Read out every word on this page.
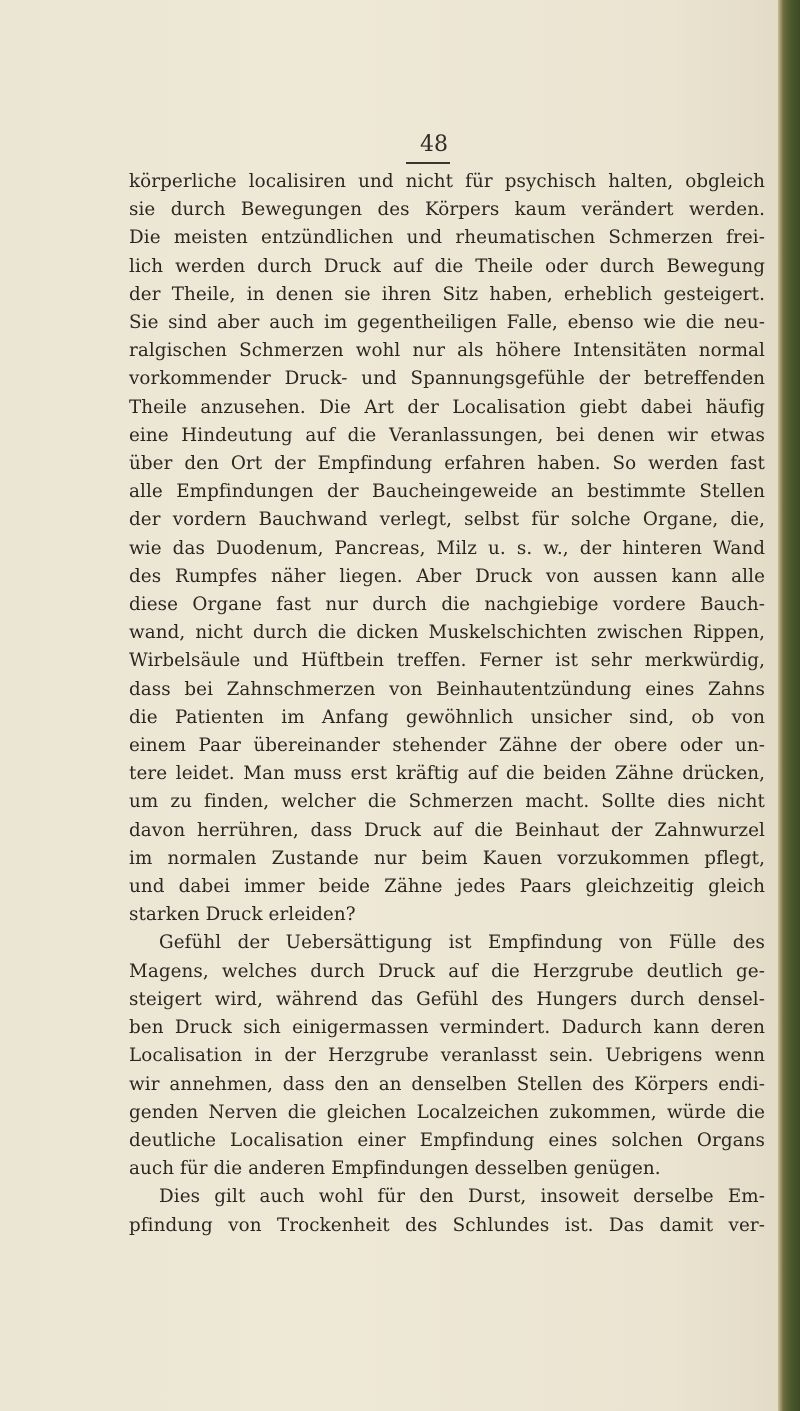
48
körperliche localisiren und nicht für psychisch halten, obgleich
sie durch Bewegungen des Körpers kaum verändert werden.
Die meisten entzündlichen und rheumatischen Schmerzen frei-
lich werden durch Druck auf die Theile oder durch Bewegung
der Theile, in denen sie ihren Sitz haben, erheblich gesteigert.
Sie sind aber auch im gegentheiligen Falle, ebenso wie die neu-
ralgischen Schmerzen wohl nur als höhere Intensitäten normal
vorkommender Druck- und Spannungsgefühle der betreffenden
Theile anzusehen. Die Art der Localisation giebt dabei häufig
eine Hindeutung auf die Veranlassungen, bei denen wir etwas
über den Ort der Empfindung erfahren haben. So werden fast
alle Empfindungen der Baucheingeweide an bestimmte Stellen
der vordern Bauchwand verlegt, selbst für solche Organe, die,
wie das Duodenum, Pancreas, Milz u. s. w., der hinteren Wand
des Rumpfes näher liegen. Aber Druck von aussen kann alle
diese Organe fast nur durch die nachgiebige vordere Bauch-
wand, nicht durch die dicken Muskelschichten zwischen Rippen,
Wirbelsäule und Hüftbein treffen. Ferner ist sehr merkwürdig,
dass bei Zahnschmerzen von Beinhautentzündung eines Zahns
die Patienten im Anfang gewöhnlich unsicher sind, ob von
einem Paar übereinander stehender Zähne der obere oder un-
tere leidet. Man muss erst kräftig auf die beiden Zähne drücken,
um zu finden, welcher die Schmerzen macht. Sollte dies nicht
davon herrühren, dass Druck auf die Beinhaut der Zahnwurzel
im normalen Zustande nur beim Kauen vorzukommen pflegt,
und dabei immer beide Zähne jedes Paars gleichzeitig gleich
starken Druck erleiden?
Gefühl der Uebersättigung ist Empfindung von Fülle des
Magens, welches durch Druck auf die Herzgrube deutlich ge-
steigert wird, während das Gefühl des Hungers durch densel-
ben Druck sich einigermassen vermindert. Dadurch kann deren
Localisation in der Herzgrube veranlasst sein. Uebrigens wenn
wir annehmen, dass den an denselben Stellen des Körpers endi-
genden Nerven die gleichen Localzeichen zukommen, würde die
deutliche Localisation einer Empfindung eines solchen Organs
auch für die anderen Empfindungen desselben genügen.
Dies gilt auch wohl für den Durst, insoweit derselbe Em-
pfindung von Trockenheit des Schlundes ist. Das damit ver-
